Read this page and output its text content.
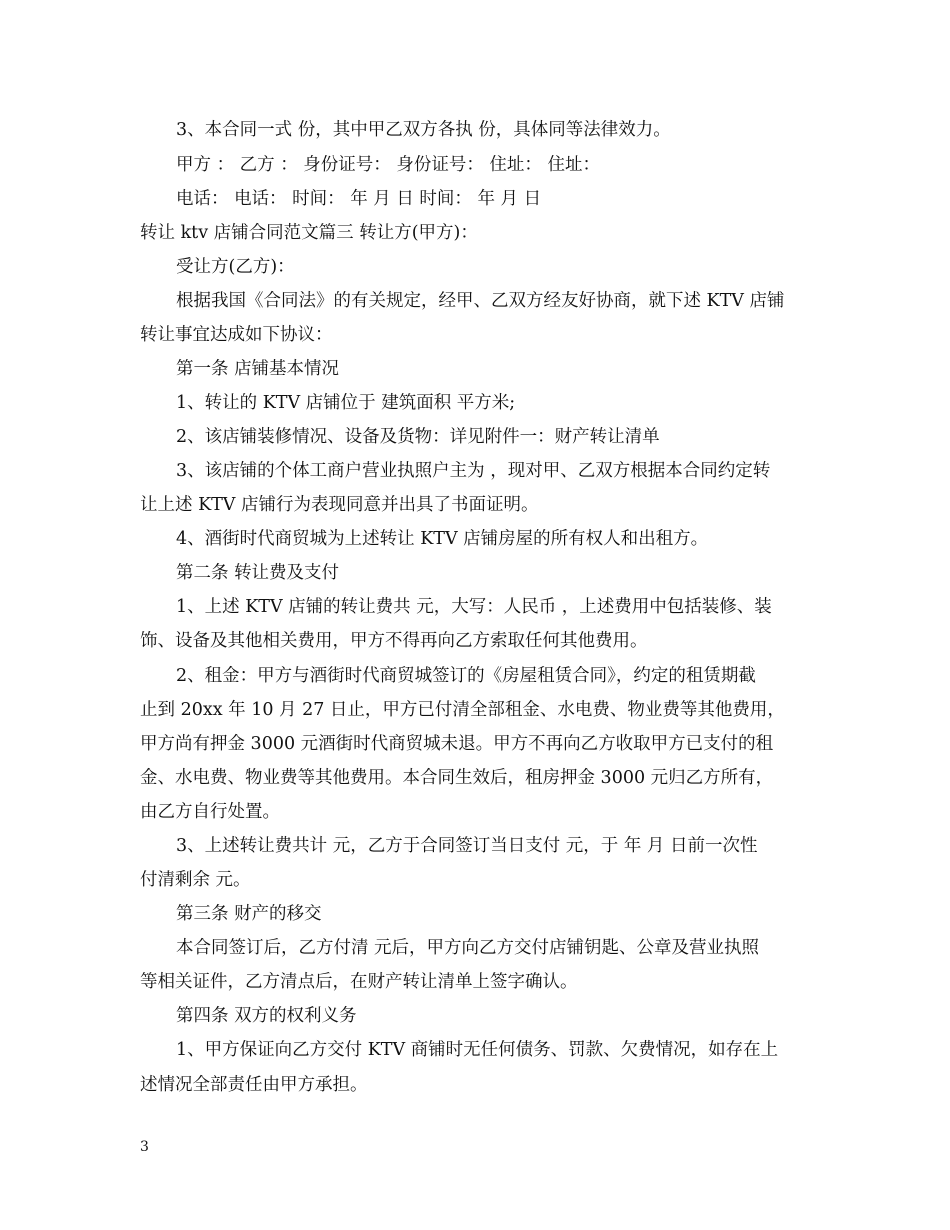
3、本合同一式 份，其中甲乙双方各执 份，具体同等法律效力。
甲方 ： 乙方 ： 身份证号： 身份证号： 住址： 住址：
电话： 电话： 时间： 年 月 日 时间： 年 月 日
转让 ktv 店铺合同范文篇三 转让方(甲方)：
受让方(乙方)：
根据我国《合同法》的有关规定，经甲、乙双方经友好协商，就下述 KTV 店铺
转让事宜达成如下协议：
第一条 店铺基本情况
1、转让的 KTV 店铺位于 建筑面积 平方米;
2、该店铺装修情况、设备及货物：详见附件一：财产转让清单
3、该店铺的个体工商户营业执照户主为 ，现对甲、乙双方根据本合同约定转
让上述 KTV 店铺行为表现同意并出具了书面证明。
4、酒街时代商贸城为上述转让 KTV 店铺房屋的所有权人和出租方。
第二条 转让费及支付
1、上述 KTV 店铺的转让费共 元，大写：人民币 ，上述费用中包括装修、装
饰、设备及其他相关费用，甲方不得再向乙方索取任何其他费用。
2、租金：甲方与酒街时代商贸城签订的《房屋租赁合同》，约定的租赁期截
止到 20xx 年 10 月 27 日止，甲方已付清全部租金、水电费、物业费等其他费用，
甲方尚有押金 3000 元酒街时代商贸城未退。甲方不再向乙方收取甲方已支付的租
金、水电费、物业费等其他费用。本合同生效后，租房押金 3000 元归乙方所有，
由乙方自行处置。
3、上述转让费共计 元，乙方于合同签订当日支付 元，于 年 月 日前一次性
付清剩余 元。
第三条 财产的移交
本合同签订后，乙方付清 元后，甲方向乙方交付店铺钥匙、公章及营业执照
等相关证件，乙方清点后，在财产转让清单上签字确认。
第四条 双方的权利义务
1、甲方保证向乙方交付 KTV 商铺时无任何债务、罚款、欠费情况，如存在上
述情况全部责任由甲方承担。
3
